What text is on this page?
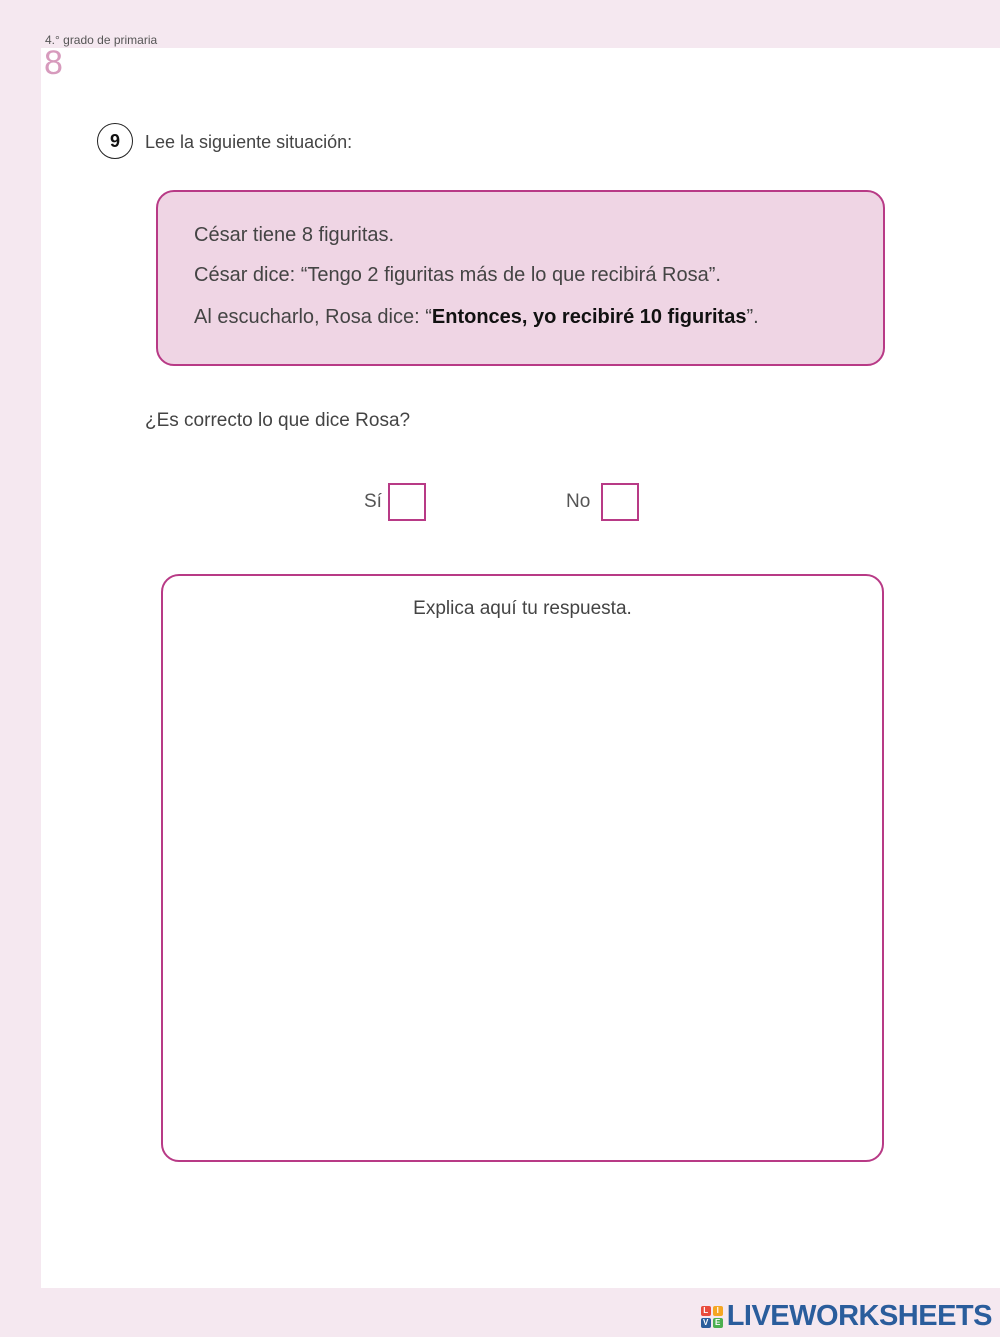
4.° grado de primaria
8
9	Lee la siguiente situación:
César tiene 8 figuritas.
César dice: “Tengo 2 figuritas más de lo que recibirá Rosa”.
Al escucharlo, Rosa dice: “Entonces, yo recibiré 10 figuritas”.
¿Es correcto lo que dice Rosa?
Sí	No
Explica aquí tu respuesta.
L	I
V E LIVEWORKSHEETS
